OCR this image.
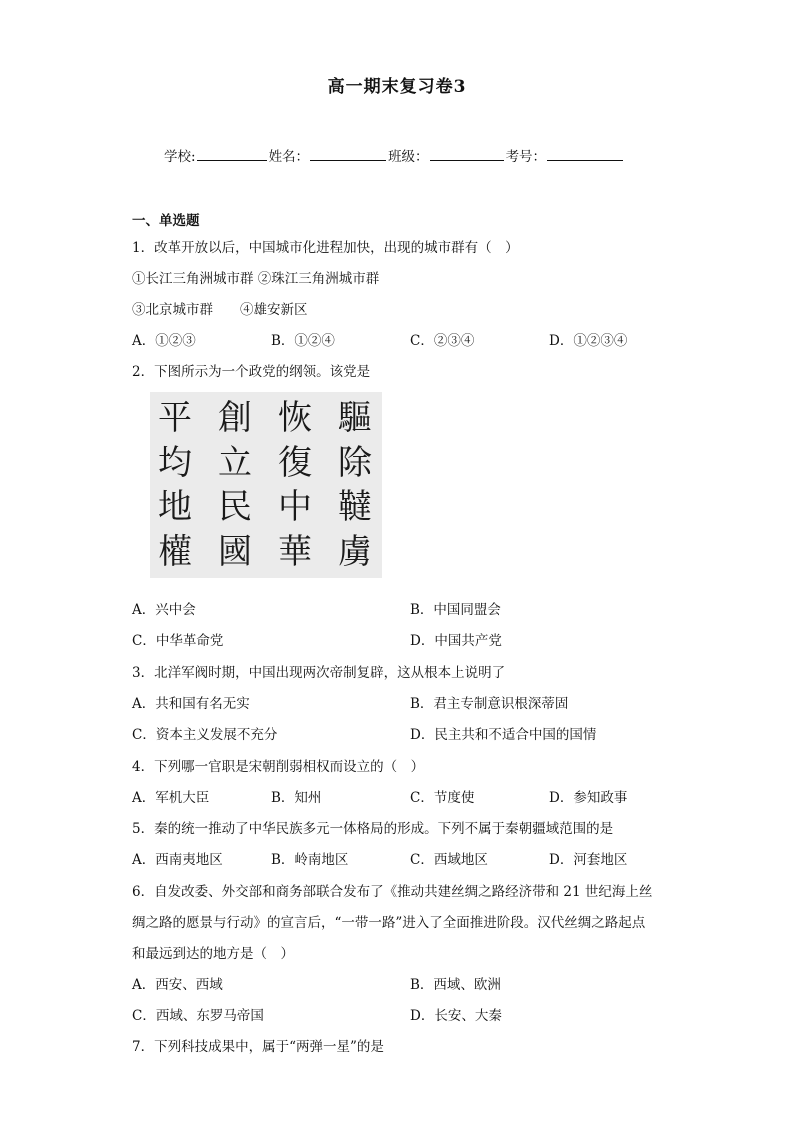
高一期末复习卷3
学校:	姓名：	班级：	考号：
一、单选题
1．改革开放以后，中国城市化进程加快，出现的城市群有（　）
①长江三角洲城市群 ②珠江三角洲城市群
③北京城市群　　④雄安新区
A．①②③	B．①②④	C．②③④	D．①②③④
2．下图所示为一个政党的纲领。该党是
平
均
地
權
創
立
民
國
恢
復
中
華
驅
除
韃
虜
A．兴中会	B．中国同盟会
C．中华革命党	D．中国共产党
3．北洋军阀时期，中国出现两次帝制复辟，这从根本上说明了
A．共和国有名无实	B．君主专制意识根深蒂固
C．资本主义发展不充分	D．民主共和不适合中国的国情
4．下列哪一官职是宋朝削弱相权而设立的（　）
A．军机大臣	B．知州	C．节度使	D．参知政事
5．秦的统一推动了中华民族多元一体格局的形成。下列不属于秦朝疆域范围的是
A．西南夷地区	B．岭南地区	C．西域地区	D．河套地区
6．自发改委、外交部和商务部联合发布了《推动共建丝绸之路经济带和 21 世纪海上丝
绸之路的愿景与行动》的宣言后，“一带一路”进入了全面推进阶段。汉代丝绸之路起点
和最远到达的地方是（　）
A．西安、西域	B．西域、欧洲
C．西域、东罗马帝国	D．长安、大秦
7．下列科技成果中，属于“两弹一星”的是
